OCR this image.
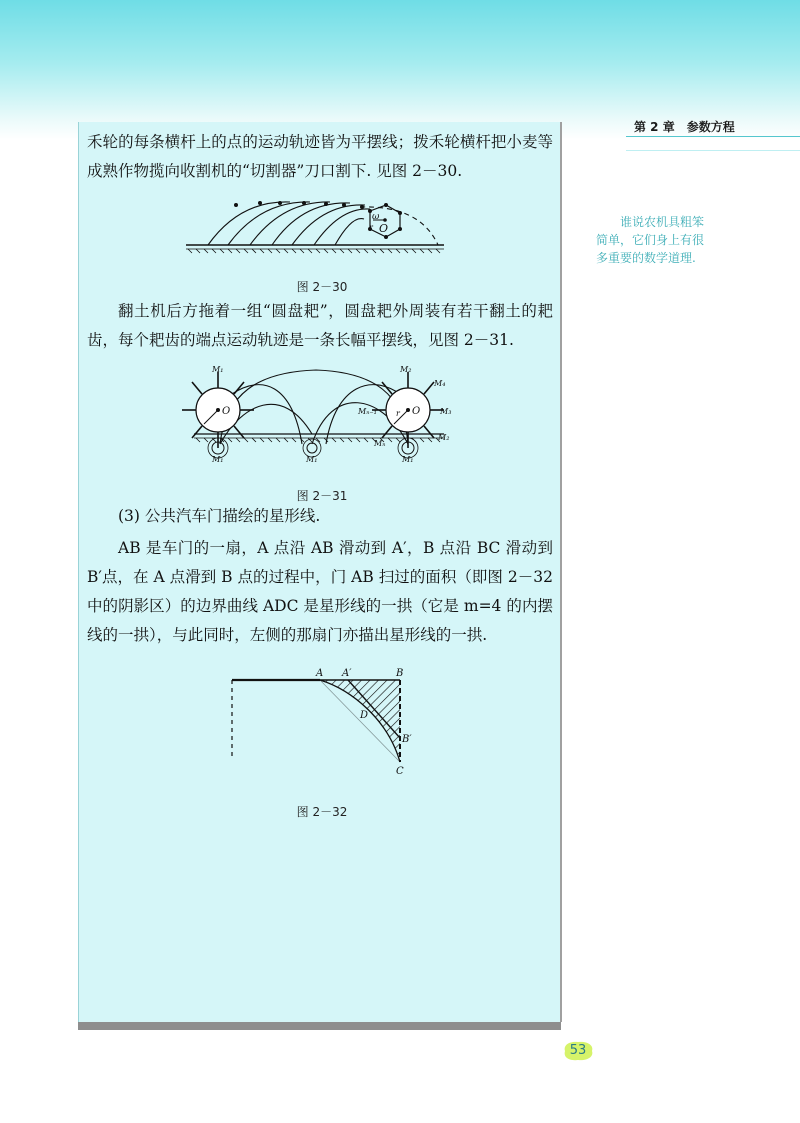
第 2 章 参数方程
禾轮的每条横杆上的点的运动轨迹皆为平摆线；拨禾轮横杆把小麦等成熟作物揽向收割机的“切割器”刀口割下. 见图 2－30.
ω
r O
图 2－30
翻土机后方拖着一组“圆盘耙”，圆盘耙外周装有若干翻土的耙齿，每个耙齿的端点运动轨迹是一条长幅平摆线，见图 2－31.
M₁	M₂
M₄
M₃
Mₙ₋₁
Mₙ
M₂
M₁	M₁	M₁
O	O
r
图 2－31
(3) 公共汽车门描绘的星形线.
AB 是车门的一扇，A 点沿 AB 滑动到 A′，B 点沿 BC 滑动到 B′点，在 A 点滑到 B 点的过程中，门 AB 扫过的面积（即图 2－32 中的阴影区）的边界曲线 ADC 是星形线的一拱（它是 m=4 的内摆线的一拱），与此同时，左侧的那扇门亦描出星形线的一拱.
A A′	B
D
B′
C
图 2－32
谁说农机具粗笨简单，它们身上有很多重要的数学道理.
53
